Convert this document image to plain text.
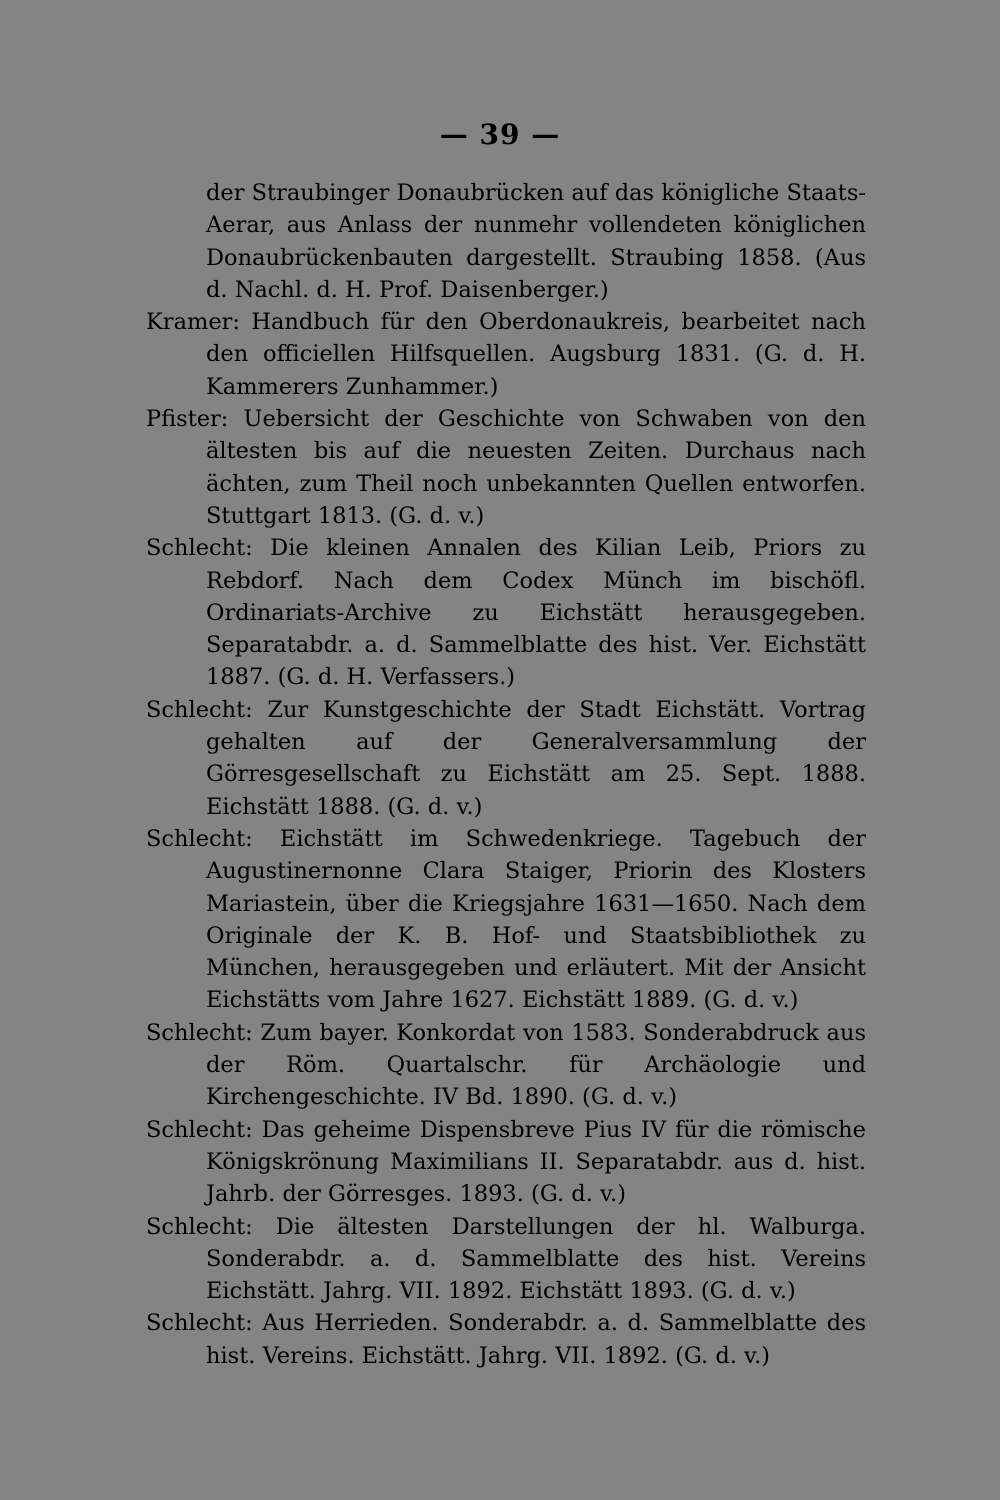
— 39 —

der Straubinger Donaubrücken auf das königliche Staats-Aerar, aus Anlass der nunmehr vollendeten königlichen Donaubrückenbauten dargestellt. Straubing 1858. (Aus d. Nachl. d. H. Prof. Daisenberger.)

Kramer: Handbuch für den Oberdonaukreis, bearbeitet nach den officiellen Hilfsquellen. Augsburg 1831. (G. d. H. Kammerers Zunhammer.)

Pfister: Uebersicht der Geschichte von Schwaben von den ältesten bis auf die neuesten Zeiten. Durchaus nach ächten, zum Theil noch unbekannten Quellen entworfen. Stuttgart 1813. (G. d. v.)

Schlecht: Die kleinen Annalen des Kilian Leib, Priors zu Rebdorf. Nach dem Codex Münch im bischöfl. Ordinariats-Archive zu Eichstätt herausgegeben. Separatabdr. a. d. Sammelblatte des hist. Ver. Eichstätt 1887. (G. d. H. Verfassers.)

Schlecht: Zur Kunstgeschichte der Stadt Eichstätt. Vortrag gehalten auf der Generalversammlung der Görresgesellschaft zu Eichstätt am 25. Sept. 1888. Eichstätt 1888. (G. d. v.)

Schlecht: Eichstätt im Schwedenkriege. Tagebuch der Augustinernonne Clara Staiger, Priorin des Klosters Mariastein, über die Kriegsjahre 1631—1650. Nach dem Originale der K. B. Hof- und Staatsbibliothek zu München, herausgegeben und erläutert. Mit der Ansicht Eichstätts vom Jahre 1627. Eichstätt 1889. (G. d. v.)

Schlecht: Zum bayer. Konkordat von 1583. Sonderabdruck aus der Röm. Quartalschr. für Archäologie und Kirchengeschichte. IV Bd. 1890. (G. d. v.)

Schlecht: Das geheime Dispensbreve Pius IV für die römische Königskrönung Maximilians II. Separatabdr. aus d. hist. Jahrb. der Görresges. 1893. (G. d. v.)

Schlecht: Die ältesten Darstellungen der hl. Walburga. Sonderabdr. a. d. Sammelblatte des hist. Vereins Eichstätt. Jahrg. VII. 1892. Eichstätt 1893. (G. d. v.)

Schlecht: Aus Herrieden. Sonderabdr. a. d. Sammelblatte des hist. Vereins. Eichstätt. Jahrg. VII. 1892. (G. d. v.)
